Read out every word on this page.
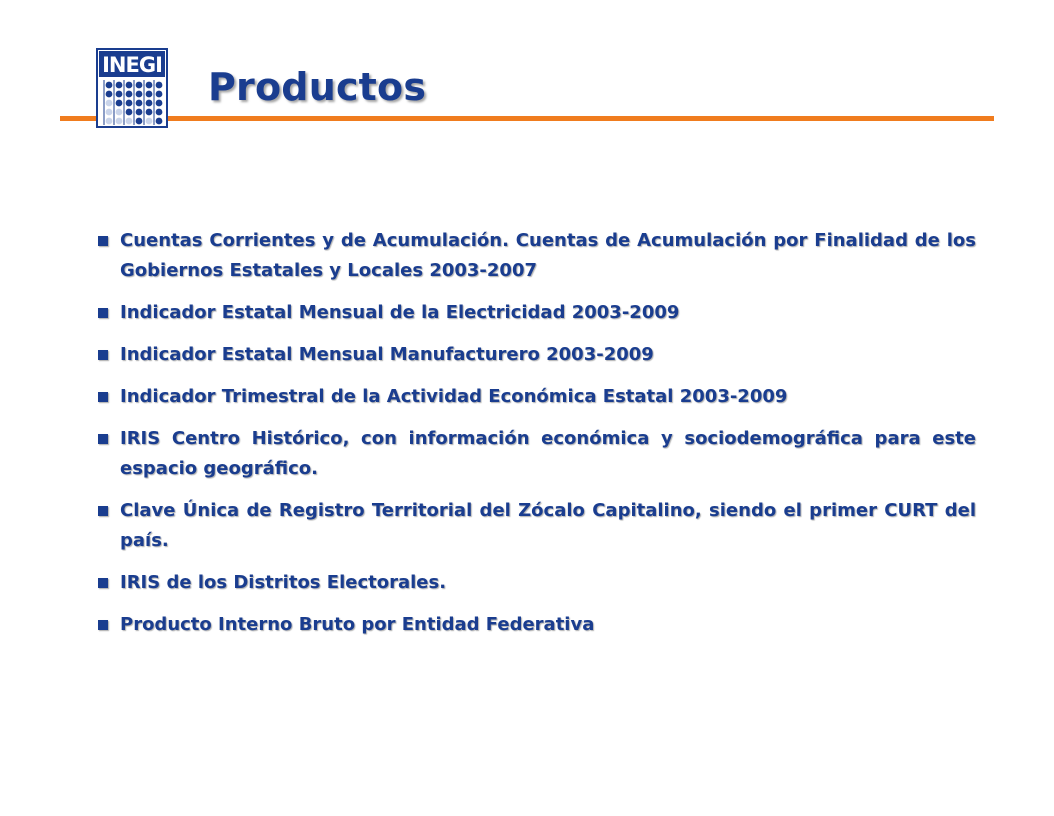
INEGI Productos
Cuentas Corrientes y de Acumulación. Cuentas de Acumulación por Finalidad de los Gobiernos Estatales y Locales 2003-2007
Indicador Estatal Mensual de la Electricidad 2003-2009
Indicador Estatal Mensual Manufacturero 2003-2009
Indicador Trimestral de la Actividad Económica Estatal 2003-2009
IRIS Centro Histórico, con información económica y sociodemográfica para este espacio geográfico.
Clave Única de Registro Territorial del Zócalo Capitalino, siendo el primer CURT del país.
IRIS de los Distritos Electorales.
Producto Interno Bruto por Entidad Federativa
